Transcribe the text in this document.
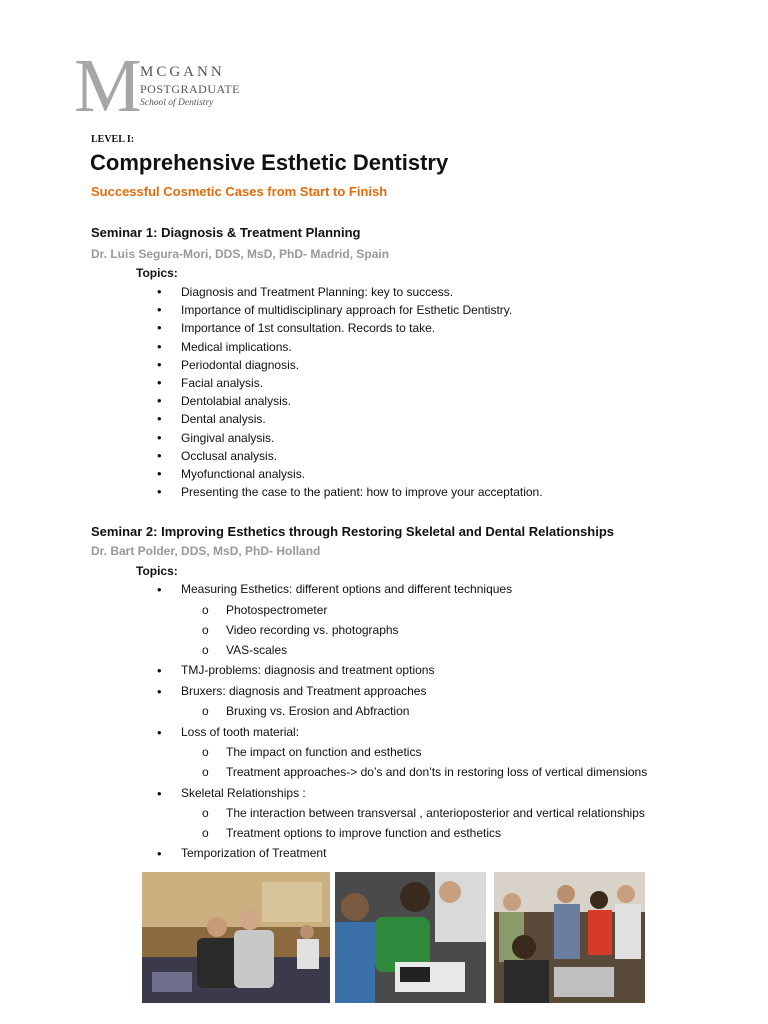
M MCGANN
POSTGRADUATE
School of Dentistry
LEVEL I:
Comprehensive Esthetic Dentistry
Successful Cosmetic Cases from Start to Finish
Seminar 1: Diagnosis & Treatment Planning
Dr. Luis Segura-Mori, DDS, MsD, PhD- Madrid, Spain
Topics:
• Diagnosis and Treatment Planning: key to success.
• Importance of multidisciplinary approach for Esthetic Dentistry.
• Importance of 1st consultation. Records to take.
• Medical implications.
• Periodontal diagnosis.
• Facial analysis.
• Dentolabial analysis.
• Dental analysis.
• Gingival analysis.
• Occlusal analysis.
• Myofunctional analysis.
• Presenting the case to the patient: how to improve your acceptation.
Seminar 2: Improving Esthetics through Restoring Skeletal and Dental Relationships
Dr. Bart Polder, DDS, MsD, PhD- Holland
Topics:
• Measuring Esthetics: different options and different techniques
o Photospectrometer
o Video recording vs. photographs
o VAS-scales
• TMJ-problems: diagnosis and treatment options
• Bruxers: diagnosis and Treatment approaches
o Bruxing vs. Erosion and Abfraction
• Loss of tooth material:
o The impact on function and esthetics
o Treatment approaches-> do’s and don’ts in restoring loss of vertical dimensions
• Skeletal Relationships :
o The interaction between transversal , anterioposterior and vertical relationships
o Treatment options to improve function and esthetics
• Temporization of Treatment
